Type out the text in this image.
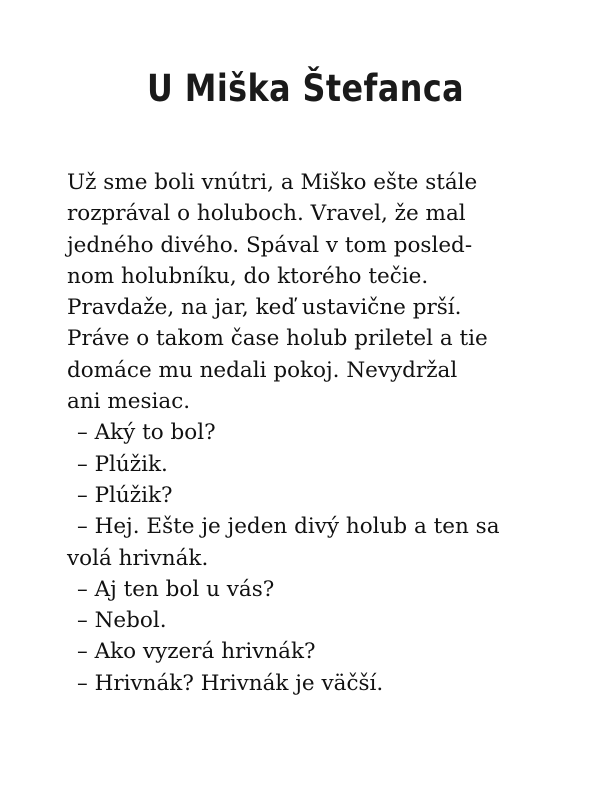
U Miška Štefanca
Už sme boli vnútri, a Miško ešte stále
rozprával o holuboch. Vravel, že mal
jedného divého. Spával v tom posled-
nom holubníku, do ktorého tečie.
Pravdaže, na jar, keď ustavične prší.
Práve o takom čase holub priletel a tie
domáce mu nedali pokoj. Nevydržal
ani mesiac.
– Aký to bol?
– Plúžik.
– Plúžik?
– Hej. Ešte je jeden divý holub a ten sa
volá hrivnák.
– Aj ten bol u vás?
– Nebol.
– Ako vyzerá hrivnák?
– Hrivnák? Hrivnák je väčší.
